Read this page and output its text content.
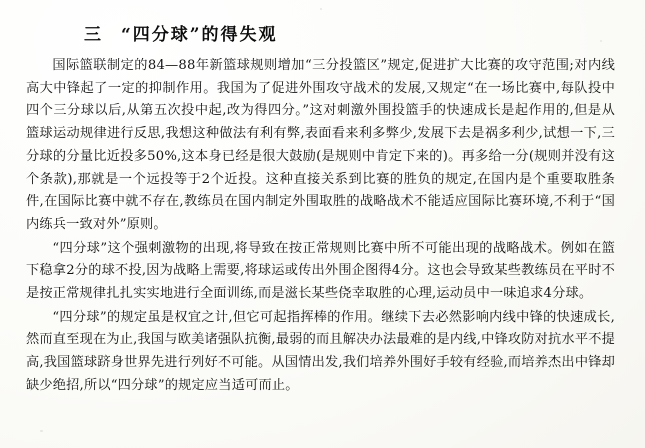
三 “四分球”的得失观

国际篮联制定的84—88年新篮球规则增加“三分投篮区”规定,促进扩大比赛的攻守范围;对内线高大中锋起了一定的抑制作用。我国为了促进外围攻守战术的发展,又规定“在一场比赛中,每队投中四个三分球以后,从第五次投中起,改为得四分。”这对刺激外围投篮手的快速成长是起作用的,但是从篮球运动规律进行反思,我想这种做法有利有弊,表面看来利多弊少,发展下去是祸多利少,试想一下,三分球的分量比近投多50%,这本身已经是很大鼓励(是规则中肯定下来的)。再多给一分(规则并没有这个条款),那就是一个远投等于2个近投。这种直接关系到比赛的胜负的规定,在国内是个重要取胜条件,在国际比赛中就不存在,教练员在国内制定外围取胜的战略战术不能适应国际比赛环境,不利于“国内练兵一致对外”原则。

“四分球”这个强刺激物的出现,将导致在按正常规则比赛中所不可能出现的战略战术。例如在篮下稳拿2分的球不投,因为战略上需要,将球运或传出外围企图得4分。这也会导致某些教练员在平时不是按正常规律扎扎实实地进行全面训练,而是滋长某些侥幸取胜的心理,运动员中一味追求4分球。

“四分球”的规定虽是权宜之计,但它可起指挥棒的作用。继续下去必然影响内线中锋的快速成长,然而直至现在为止,我国与欧美诸强队抗衡,最弱的而且解决办法最难的是内线,中锋攻防对抗水平不提高,我国篮球跻身世界先进行列好不可能。从国情出发,我们培养外围好手较有经验,而培养杰出中锋却缺少绝招,所以“四分球”的规定应当适可而止。
